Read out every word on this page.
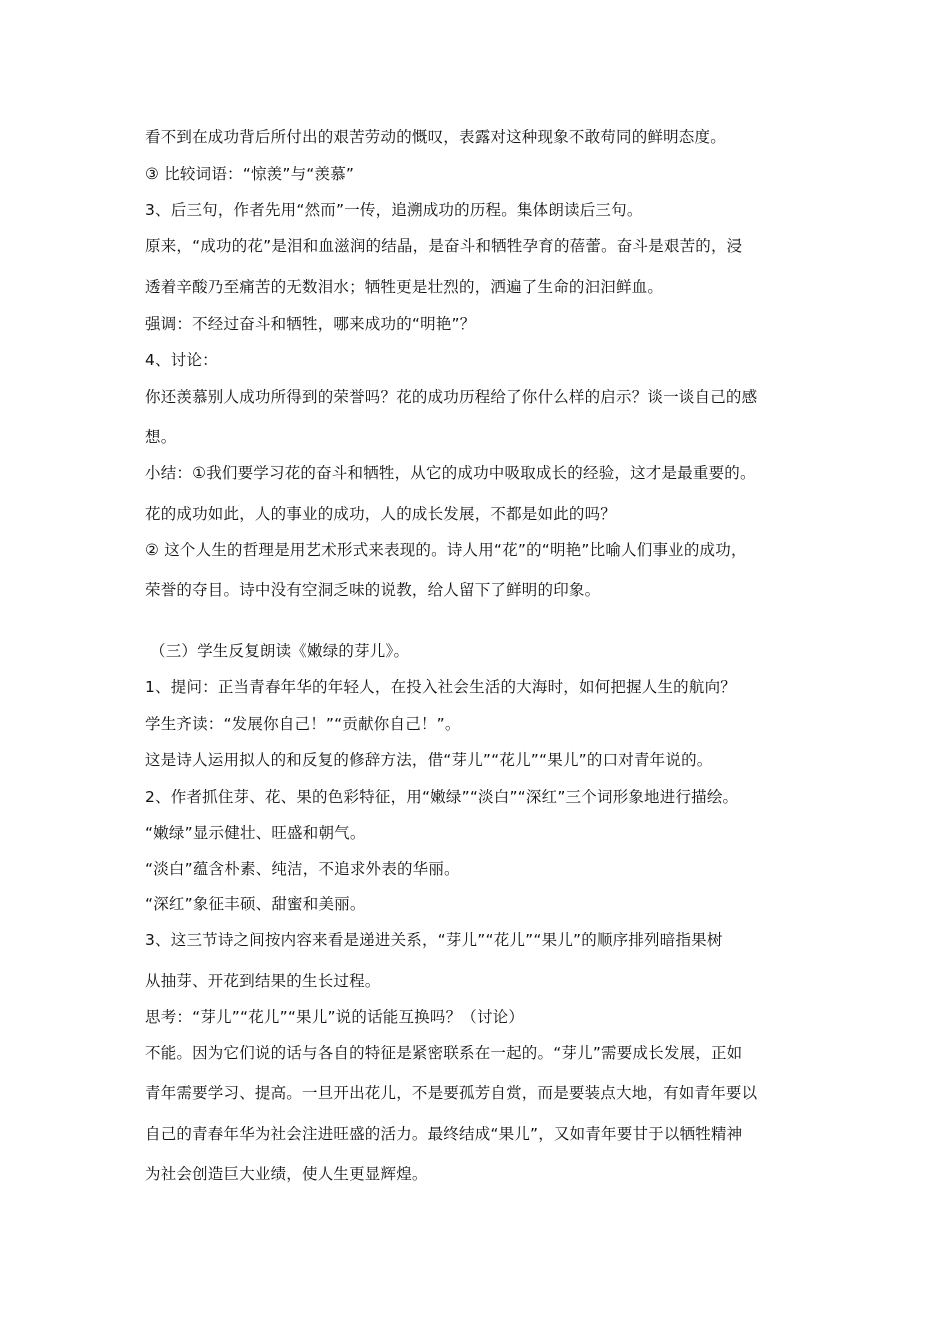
看不到在成功背后所付出的艰苦劳动的慨叹，表露对这种现象不敢苟同的鲜明态度。
③ 比较词语：“惊羡”与“羡慕”
3、后三句，作者先用“然而”一传，追溯成功的历程。集体朗读后三句。
原来，“成功的花”是泪和血滋润的结晶，是奋斗和牺牲孕育的蓓蕾。奋斗是艰苦的，浸
透着辛酸乃至痛苦的无数泪水；牺牲更是壮烈的，洒遍了生命的汩汩鲜血。
强调：不经过奋斗和牺牲，哪来成功的“明艳”？
4、讨论：
你还羡慕别人成功所得到的荣誉吗？花的成功历程给了你什么样的启示？谈一谈自己的感
想。
小结：①我们要学习花的奋斗和牺牲，从它的成功中吸取成长的经验，这才是最重要的。
花的成功如此，人的事业的成功，人的成长发展，不都是如此的吗？
② 这个人生的哲理是用艺术形式来表现的。诗人用“花”的“明艳”比喻人们事业的成功，
荣誉的夺目。诗中没有空洞乏味的说教，给人留下了鲜明的印象。
（三）学生反复朗读《嫩绿的芽儿》。
1、提问：正当青春年华的年轻人，在投入社会生活的大海时，如何把握人生的航向？
学生齐读：“发展你自己！”“贡献你自己！”。
这是诗人运用拟人的和反复的修辞方法，借“芽儿”“花儿”“果儿”的口对青年说的。
2、作者抓住芽、花、果的色彩特征，用“嫩绿”“淡白”“深红”三个词形象地进行描绘。
“嫩绿”显示健壮、旺盛和朝气。
“淡白”蕴含朴素、纯洁，不追求外表的华丽。
“深红”象征丰硕、甜蜜和美丽。
3、这三节诗之间按内容来看是递进关系，“芽儿”“花儿”“果儿”的顺序排列暗指果树
从抽芽、开花到结果的生长过程。
思考：“芽儿”“花儿”“果儿”说的话能互换吗？（讨论）
不能。因为它们说的话与各自的特征是紧密联系在一起的。“芽儿”需要成长发展，正如
青年需要学习、提高。一旦开出花儿，不是要孤芳自赏，而是要装点大地，有如青年要以
自己的青春年华为社会注进旺盛的活力。最终结成“果儿”，又如青年要甘于以牺牲精神
为社会创造巨大业绩，使人生更显辉煌。
